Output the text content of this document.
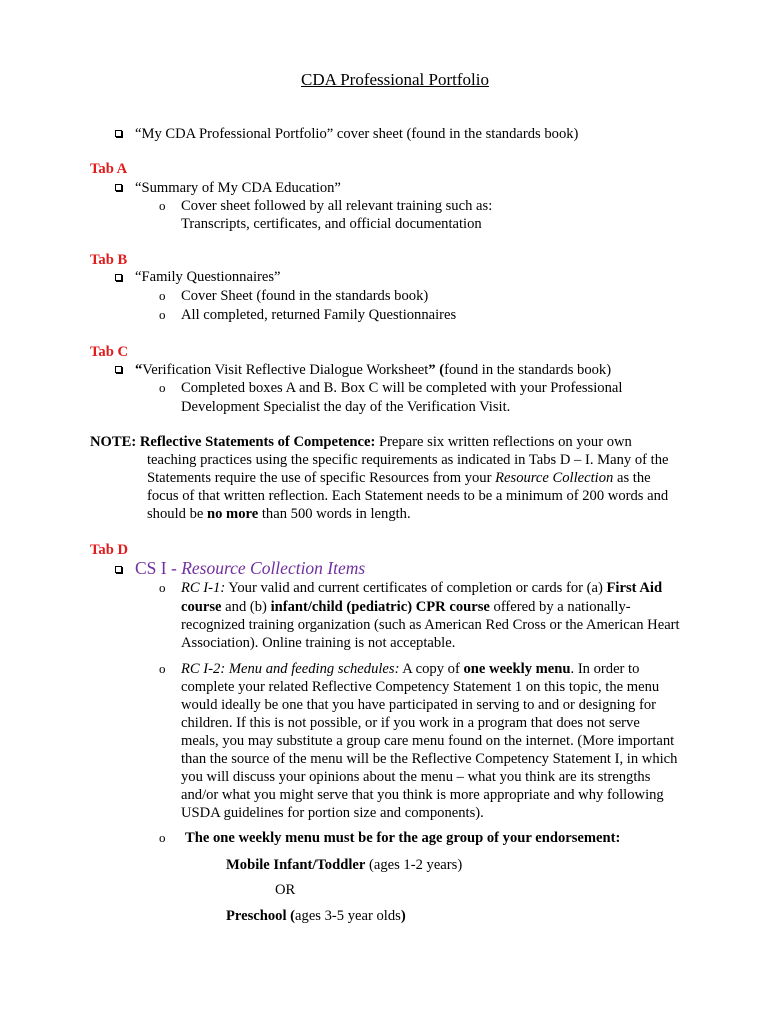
CDA Professional Portfolio
“My CDA Professional Portfolio” cover sheet (found in the standards book)
Tab A
“Summary of My CDA Education”
o Cover sheet followed by all relevant training such as:
Transcripts, certificates, and official documentation
Tab B
“Family Questionnaires”
o Cover Sheet (found in the standards book)
o All completed, returned Family Questionnaires
Tab C
“Verification Visit Reflective Dialogue Worksheet” (found in the standards book)
o Completed boxes A and B. Box C will be completed with your Professional
Development Specialist the day of the Verification Visit.
NOTE: Reflective Statements of Competence: Prepare six written reflections on your own
teaching practices using the specific requirements as indicated in Tabs D – I. Many of the
Statements require the use of specific Resources from your Resource Collection as the
focus of that written reflection. Each Statement needs to be a minimum of 200 words and
should be no more than 500 words in length.
Tab D
CS I - Resource Collection Items
o RC I-1: Your valid and current certificates of completion or cards for (a) First Aid
course and (b) infant/child (pediatric) CPR course offered by a nationally-
recognized training organization (such as American Red Cross or the American Heart
Association). Online training is not acceptable.
o RC I-2: Menu and feeding schedules: A copy of one weekly menu. In order to
complete your related Reflective Competency Statement 1 on this topic, the menu
would ideally be one that you have participated in serving to and or designing for
children. If this is not possible, or if you work in a program that does not serve
meals, you may substitute a group care menu found on the internet. (More important
than the source of the menu will be the Reflective Competency Statement I, in which
you will discuss your opinions about the menu – what you think are its strengths
and/or what you might serve that you think is more appropriate and why following
USDA guidelines for portion size and components).
o The one weekly menu must be for the age group of your endorsement:
Mobile Infant/Toddler (ages 1-2 years)
OR
Preschool (ages 3-5 year olds)
